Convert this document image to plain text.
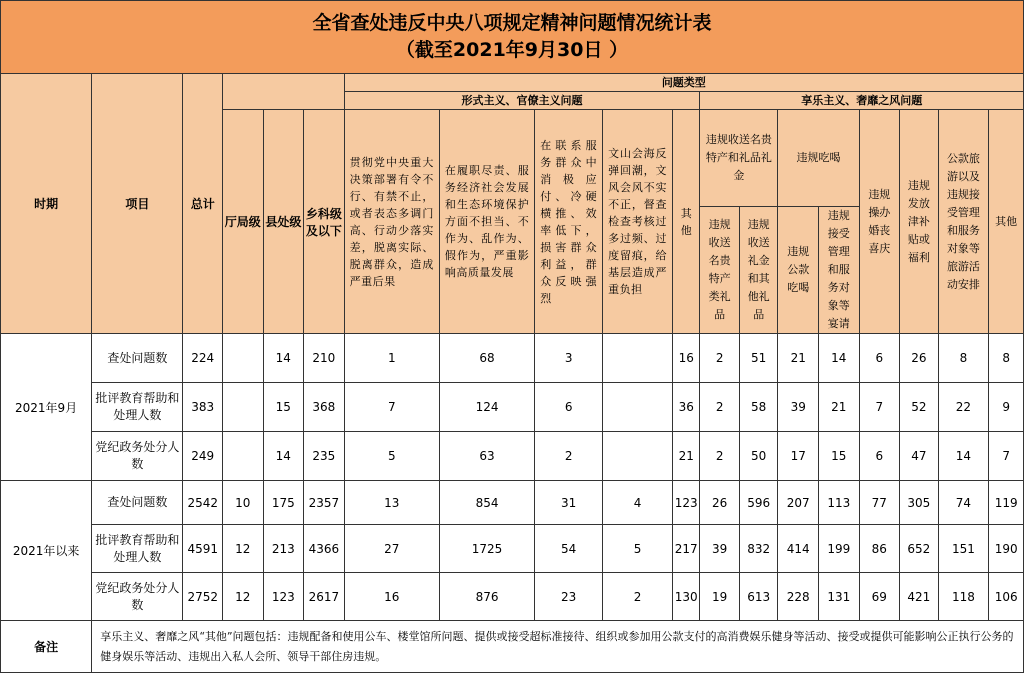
全省查处违反中央八项规定精神问题情况统计表
（截至2021年9月30日 ）																		

时期	项目	总计				问题类型												
						形式主义、官僚主义问题					享乐主义、奢靡之风问题							
			厅局级	县处级	乡科级及以下	贯彻党中央重大决策部署有令不行、有禁不止，或者表态多调门高、行动少落实差，脱离实际、脱离群众，造成严重后果	在履职尽责、服务经济社会发展和生态环境保护方面不担当、不作为、乱作为、假作为，严重影响高质量发展	在联系服务群众中消极应付、冷硬横推、效率低下，损害群众利益，群众反映强烈	文山会海反弹回潮，文风会风不实不正，督查检查考核过多过频、过度留痕，给基层造成严重负担	其他	违规收送名贵特产和礼品礼金		违规吃喝		违规操办婚丧喜庆	违规发放津补贴或福利	公款旅游以及违规接受管理和服务对象等旅游活动安排	其他
											违规收送名贵特产类礼品	违规收送礼金和其他礼品	违规公款吃喝	违规接受管理和服务对象等宴请				
2021年9月	查处问题数	224		14	210	1	68	3		16	2	51	21	14	6	26	8	8
	批评教育帮助和处理人数	383		15	368	7	124	6		36	2	58	39	21	7	52	22	9
	党纪政务处分人数	249		14	235	5	63	2		21	2	50	17	15	6	47	14	7
2021年以来	查处问题数	2542	10	175	2357	13	854	31	4	123	26	596	207	113	77	305	74	119
	批评教育帮助和处理人数	4591	12	213	4366	27	1725	54	5	217	39	832	414	199	86	652	151	190
	党纪政务处分人数	2752	12	123	2617	16	876	23	2	130	19	613	228	131	69	421	118	106
备注	享乐主义、奢靡之风“其他”问题包括：违规配备和使用公车、楼堂馆所问题、提供或接受超标准接待、组织或参加用公款支付的高消费娱乐健身等活动、接受或提供可能影响公正执行公务的健身娱乐等活动、违规出入私人会所、领导干部住房违规。																	
